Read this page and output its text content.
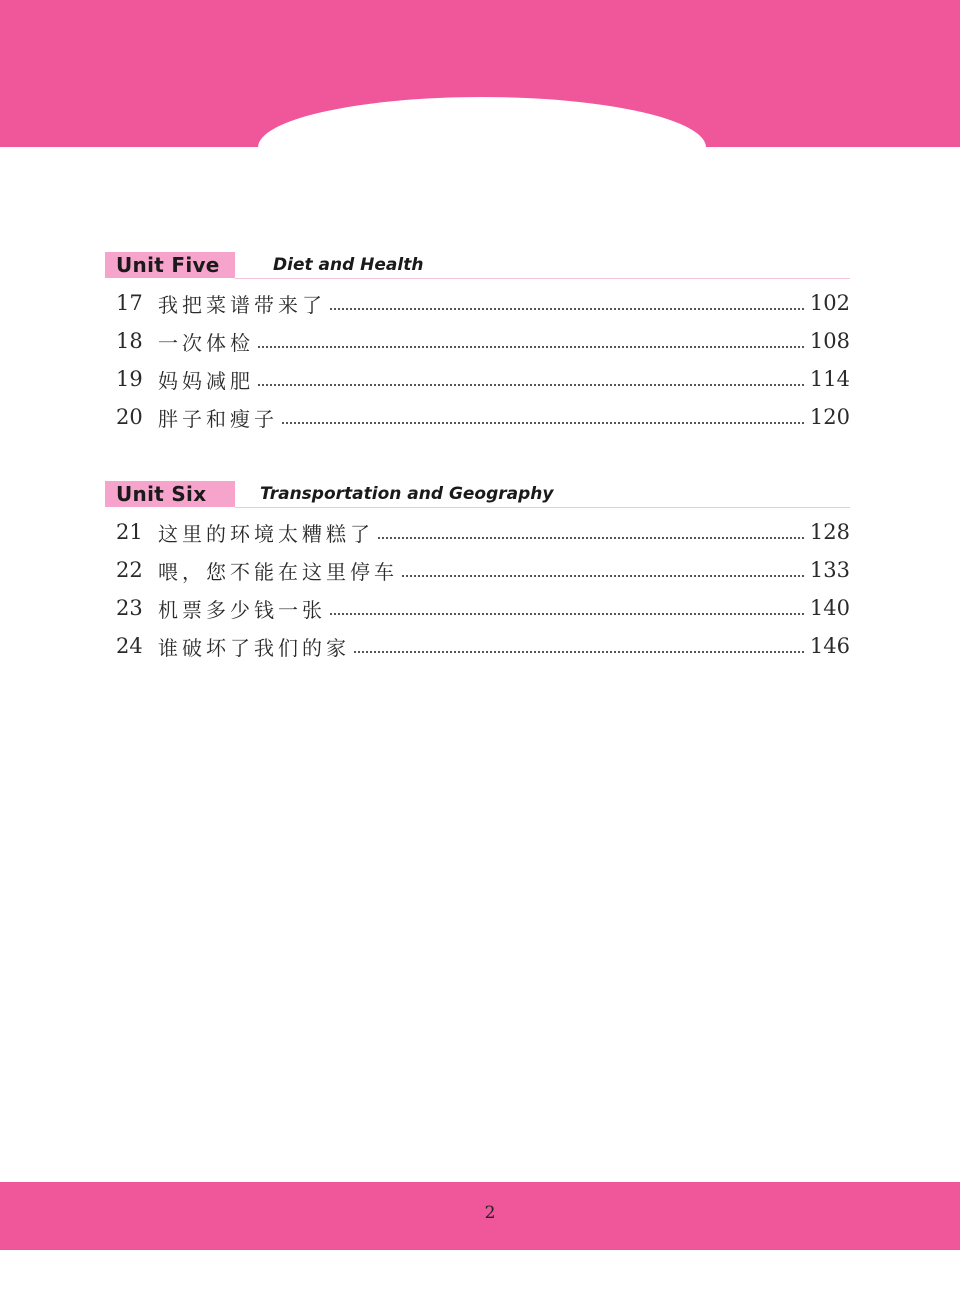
Unit Five	Diet and Health
17 我把菜谱带来了	102
18 一次体检	108
19 妈妈减肥	114
20 胖子和瘦子	120
Unit Six	Transportation and Geography
21 这里的环境太糟糕了	128
22 喂，您不能在这里停车	133
23 机票多少钱一张	140
24 谁破坏了我们的家	146
2
